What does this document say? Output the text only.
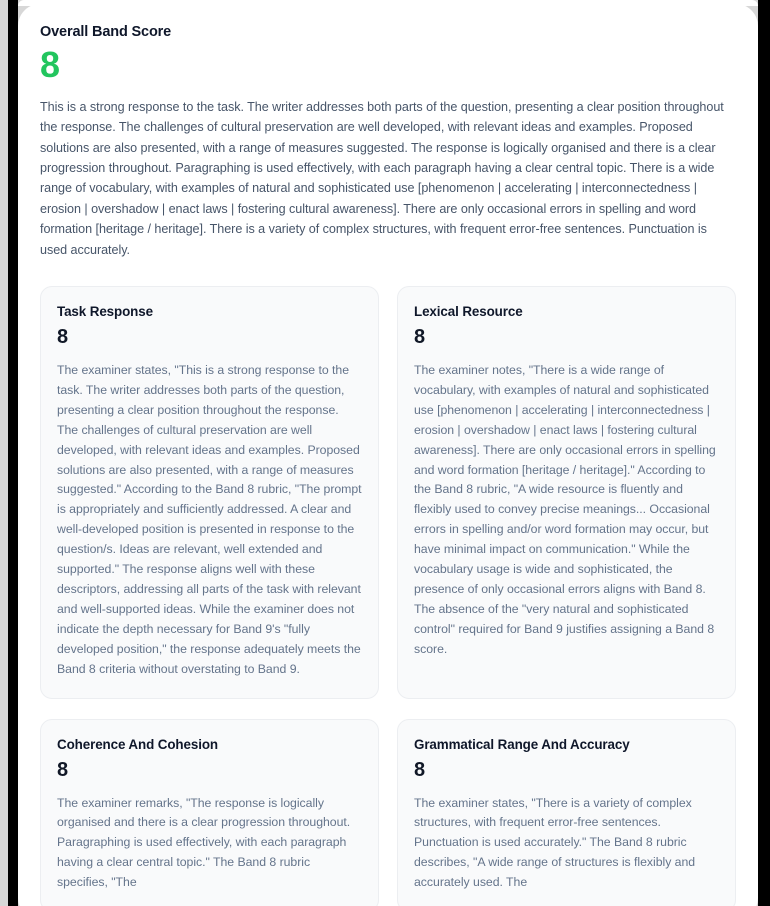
Overall Band Score
8
This is a strong response to the task. The writer addresses both parts of the question, presenting a clear position throughout the response. The challenges of cultural preservation are well developed, with relevant ideas and examples. Proposed solutions are also presented, with a range of measures suggested. The response is logically organised and there is a clear progression throughout. Paragraphing is used effectively, with each paragraph having a clear central topic. There is a wide range of vocabulary, with examples of natural and sophisticated use [phenomenon | accelerating | interconnectedness | erosion | overshadow | enact laws | fostering cultural awareness]. There are only occasional errors in spelling and word formation [heritage / heritage]. There is a variety of complex structures, with frequent error-free sentences. Punctuation is used accurately.
Task Response
8
The examiner states, "This is a strong response to the task. The writer addresses both parts of the question, presenting a clear position throughout the response. The challenges of cultural preservation are well developed, with relevant ideas and examples. Proposed solutions are also presented, with a range of measures suggested." According to the Band 8 rubric, "The prompt is appropriately and sufficiently addressed. A clear and well-developed position is presented in response to the question/s. Ideas are relevant, well extended and supported." The response aligns well with these descriptors, addressing all parts of the task with relevant and well-supported ideas. While the examiner does not indicate the depth necessary for Band 9's "fully developed position," the response adequately meets the Band 8 criteria without overstating to Band 9.
Lexical Resource
8
The examiner notes, "There is a wide range of vocabulary, with examples of natural and sophisticated use [phenomenon | accelerating | interconnectedness | erosion | overshadow | enact laws | fostering cultural awareness]. There are only occasional errors in spelling and word formation [heritage / heritage]." According to the Band 8 rubric, "A wide resource is fluently and flexibly used to convey precise meanings... Occasional errors in spelling and/or word formation may occur, but have minimal impact on communication." While the vocabulary usage is wide and sophisticated, the presence of only occasional errors aligns with Band 8. The absence of the "very natural and sophisticated control" required for Band 9 justifies assigning a Band 8 score.
Coherence And Cohesion
8
The examiner remarks, "The response is logically organised and there is a clear progression throughout. Paragraphing is used effectively, with each paragraph having a clear central topic." The Band 8 rubric specifies, "The
Grammatical Range And Accuracy
8
The examiner states, "There is a variety of complex structures, with frequent error-free sentences. Punctuation is used accurately." The Band 8 rubric describes, "A wide range of structures is flexibly and accurately used. The
